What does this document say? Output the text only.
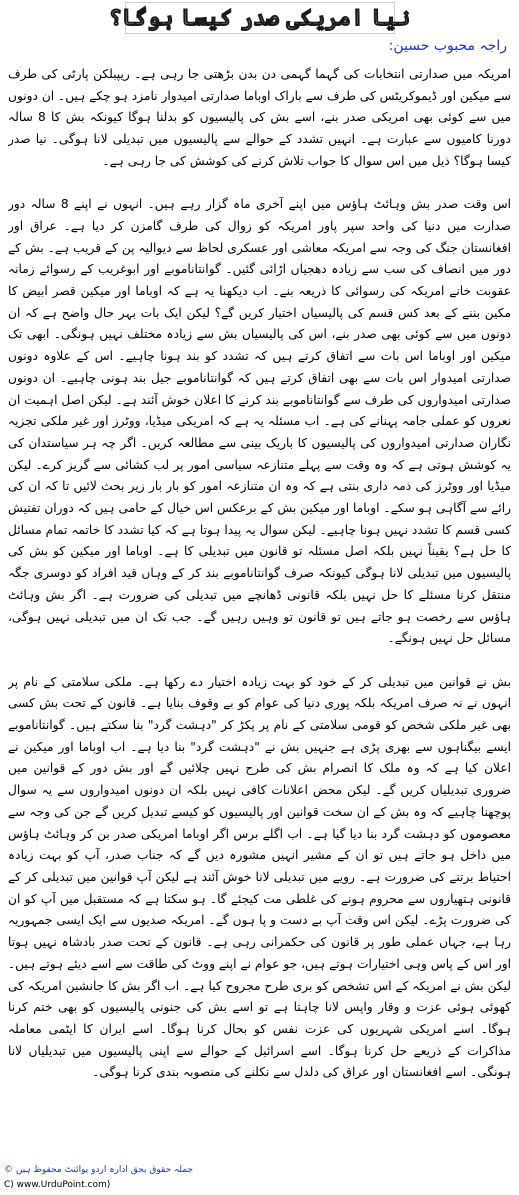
نیا امریکی صدر کیسا ہوگا؟
راجہ محبوب حسین:

امریکہ میں صدارتی انتخابات کی گہما گہمی دن بدن بڑھتی جا رہی ہے۔ ریپبلکن پارٹی کی طرف سے میکین اور ڈیموکریٹس کی طرف سے باراک اوباما صدارتی امیدوار نامزد ہو چکے ہیں۔ ان دونوں میں سے کوئی بھی امریکی صدر بنے، اسے بش کی پالیسیوں کو بدلنا ہوگا کیونکہ بش کا 8 سالہ دورنا کامیوں سے عبارت ہے۔ انہیں تشدد کے حوالے سے پالیسیوں میں تبدیلی لانا ہوگی۔ نیا صدر کیسا ہوگا؟ ذیل میں اس سوال کا جواب تلاش کرنے کی کوشش کی جا رہی ہے۔

اس وقت صدر بش وہائٹ ہاؤس میں اپنے آخری ماہ گزار رہے ہیں۔ انہوں نے اپنے 8 سالہ دور صدارت میں دنیا کی واحد سپر پاور امریکہ کو زوال کی طرف گامزن کر دیا ہے۔ عراق اور افغانستان جنگ کی وجہ سے امریکہ معاشی اور عسکری لحاظ سے دیوالیہ پن کے قریب ہے۔ بش کے دور میں انصاف کی سب سے زیادہ دھجیاں اڑائی گئیں۔ گوانتاناموبے اور ابوغریب کے رسوائے زمانہ عقوبت خانے امریکہ کی رسوائی کا ذریعہ بنے۔ اب دیکھنا یہ ہے کہ اوباما اور میکین قصر ابیض کا مکین بننے کے بعد کس قسم کی پالیسیاں اختیار کریں گے؟ لیکن ایک بات بہر حال واضح ہے کہ ان دونوں میں سے کوئی بھی صدر بنے، اس کی پالیسیاں بش سے زیادہ مختلف نہیں ہونگی۔ ابھی تک میکین اور اوباما اس بات سے اتفاق کرتے ہیں کہ تشدد کو بند ہونا چاہیے۔ اس کے علاوہ دونوں صدارتی امیدوار اس بات سے بھی اتفاق کرتے ہیں کہ گوانتاناموبے جیل بند ہونی چاہیے۔ ان دونوں صدارتی امیدواروں کی طرف سے گوانتاناموبے بند کرنے کا اعلان خوش آئند ہے۔ لیکن اصل اہمیت ان نعروں کو عملی جامہ پہنانے کی ہے۔ اب مسئلہ یہ ہے کہ امریکی میڈیا، ووٹرز اور غیر ملکی تجزیہ نگاران صدارتی امیدواروں کی پالیسیوں کا باریک بینی سے مطالعہ کریں۔ اگر چہ ہر سیاستدان کی یہ کوشش ہوتی ہے کہ وہ وقت سے پہلے متنازعہ سیاسی امور پر لب کشائی سے گریز کرے۔ لیکن میڈیا اور ووٹرز کی ذمہ داری بنتی ہے کہ وہ ان متنازعہ امور کو بار بار زیر بحث لائیں تا کہ ان کی رائے سے آگاہی ہو سکے۔ اوباما اور میکین بش کے برعکس اس خیال کے حامی ہیں کہ دوران تفتیش کسی قسم کا تشدد نہیں ہونا چاہیے۔ لیکن سوال یہ پیدا ہوتا ہے کہ کیا تشدد کا خاتمہ تمام مسائل کا حل ہے؟ یقیناً نہیں بلکہ اصل مسئلہ تو قانون میں تبدیلی کا ہے۔ اوباما اور میکین کو بش کی پالیسیوں میں تبدیلی لانا ہوگی کیونکہ صرف گوانتاناموبے بند کر کے وہاں قید افراد کو دوسری جگہ منتقل کرنا مسئلے کا حل نہیں بلکہ قانونی ڈھانچے میں تبدیلی کی ضرورت ہے۔ اگر بش وہائٹ ہاؤس سے رخصت ہو جاتے ہیں تو قانون تو وہیں رہیں گے۔ جب تک ان میں تبدیلی نہیں ہوگی، مسائل حل نہیں ہونگے۔

بش نے قوانین میں تبدیلی کر کے خود کو بہت زیادہ اختیار دے رکھا ہے۔ ملکی سلامتی کے نام پر انہوں نے نہ صرف امریکہ بلکہ پوری دنیا کی عوام کو بے وقوف بنایا ہے۔ قانون کے تحت بش کسی بھی غیر ملکی شخص کو قومی سلامتی کے نام پر پکڑ کر "دہشت گرد" بنا سکتے ہیں۔ گوانتاناموبے ایسے بیگناہوں سے بھری پڑی ہے جنہیں بش نے "دہشت گرد" بنا دیا ہے۔ اب اوباما اور میکین نے اعلان کیا ہے کہ وہ ملک کا انصرام بش کی طرح نہیں چلائیں گے اور بش دور کے قوانین میں ضروری تبدیلیاں کریں گے۔ لیکن محض اعلانات کافی نہیں بلکہ ان دونوں امیدواروں سے یہ سوال پوچھنا چاہیے کہ وہ بش کے ان سخت قوانین اور پالیسیوں کو کیسے تبدیل کریں گے جن کی وجہ سے معصوموں کو دہشت گرد بنا دیا گیا ہے۔ اب اگلے برس اگر اوباما امریکی صدر بن کر وہائٹ ہاؤس میں داخل ہو جاتے ہیں تو ان کے مشیر انہیں مشورہ دیں گے کہ جناب صدر، آپ کو بہت زیادہ احتیاط برتنے کی ضرورت ہے۔ رویے میں تبدیلی لانا خوش آئند ہے لیکن آپ قوانین میں تبدیلی کر کے قانونی ہتھیاروں سے محروم ہونے کی غلطی مت کیجئے گا۔ ہو سکتا ہے کہ مستقبل میں آپ کو ان کی ضرورت پڑے۔ لیکن اس وقت آپ بے دست و پا ہوں گے۔ امریکہ صدیوں سے ایک ایسی جمہوریہ رہا ہے، جہاں عملی طور پر قانون کی حکمرانی رہی ہے۔ قانون کے تحت صدر بادشاہ نہیں ہوتا اور اس کے پاس وہی اختیارات ہوتے ہیں، جو عوام نے اپنے ووٹ کی طاقت سے اسے دیئے ہوتے ہیں۔ لیکن بش نے امریکہ کے اس تشخص کو بری طرح مجروح کیا ہے۔ اب اگر بش کا جانشین امریکہ کی کھوئی ہوئی عزت و وقار واپس لانا چاہتا ہے تو اسے بش کی جنونی پالیسیوں کو بھی ختم کرنا ہوگا۔ اسے امریکی شہریوں کی عزت نفس کو بحال کرنا ہوگا۔ اسے ایران کا ایٹمی معاملہ مذاکرات کے ذریعے حل کرنا ہوگا۔ اسے اسرائیل کے حوالے سے اپنی پالیسیوں میں تبدیلیاں لانا ہونگی۔ اسے افغانستان اور عراق کی دلدل سے نکلنے کی منصوبہ بندی کرنا ہوگی۔

جملہ حقوق بحق ادارہ اردو پوائنٹ محفوظ ہیں ©
C) www.UrduPoint.com)
